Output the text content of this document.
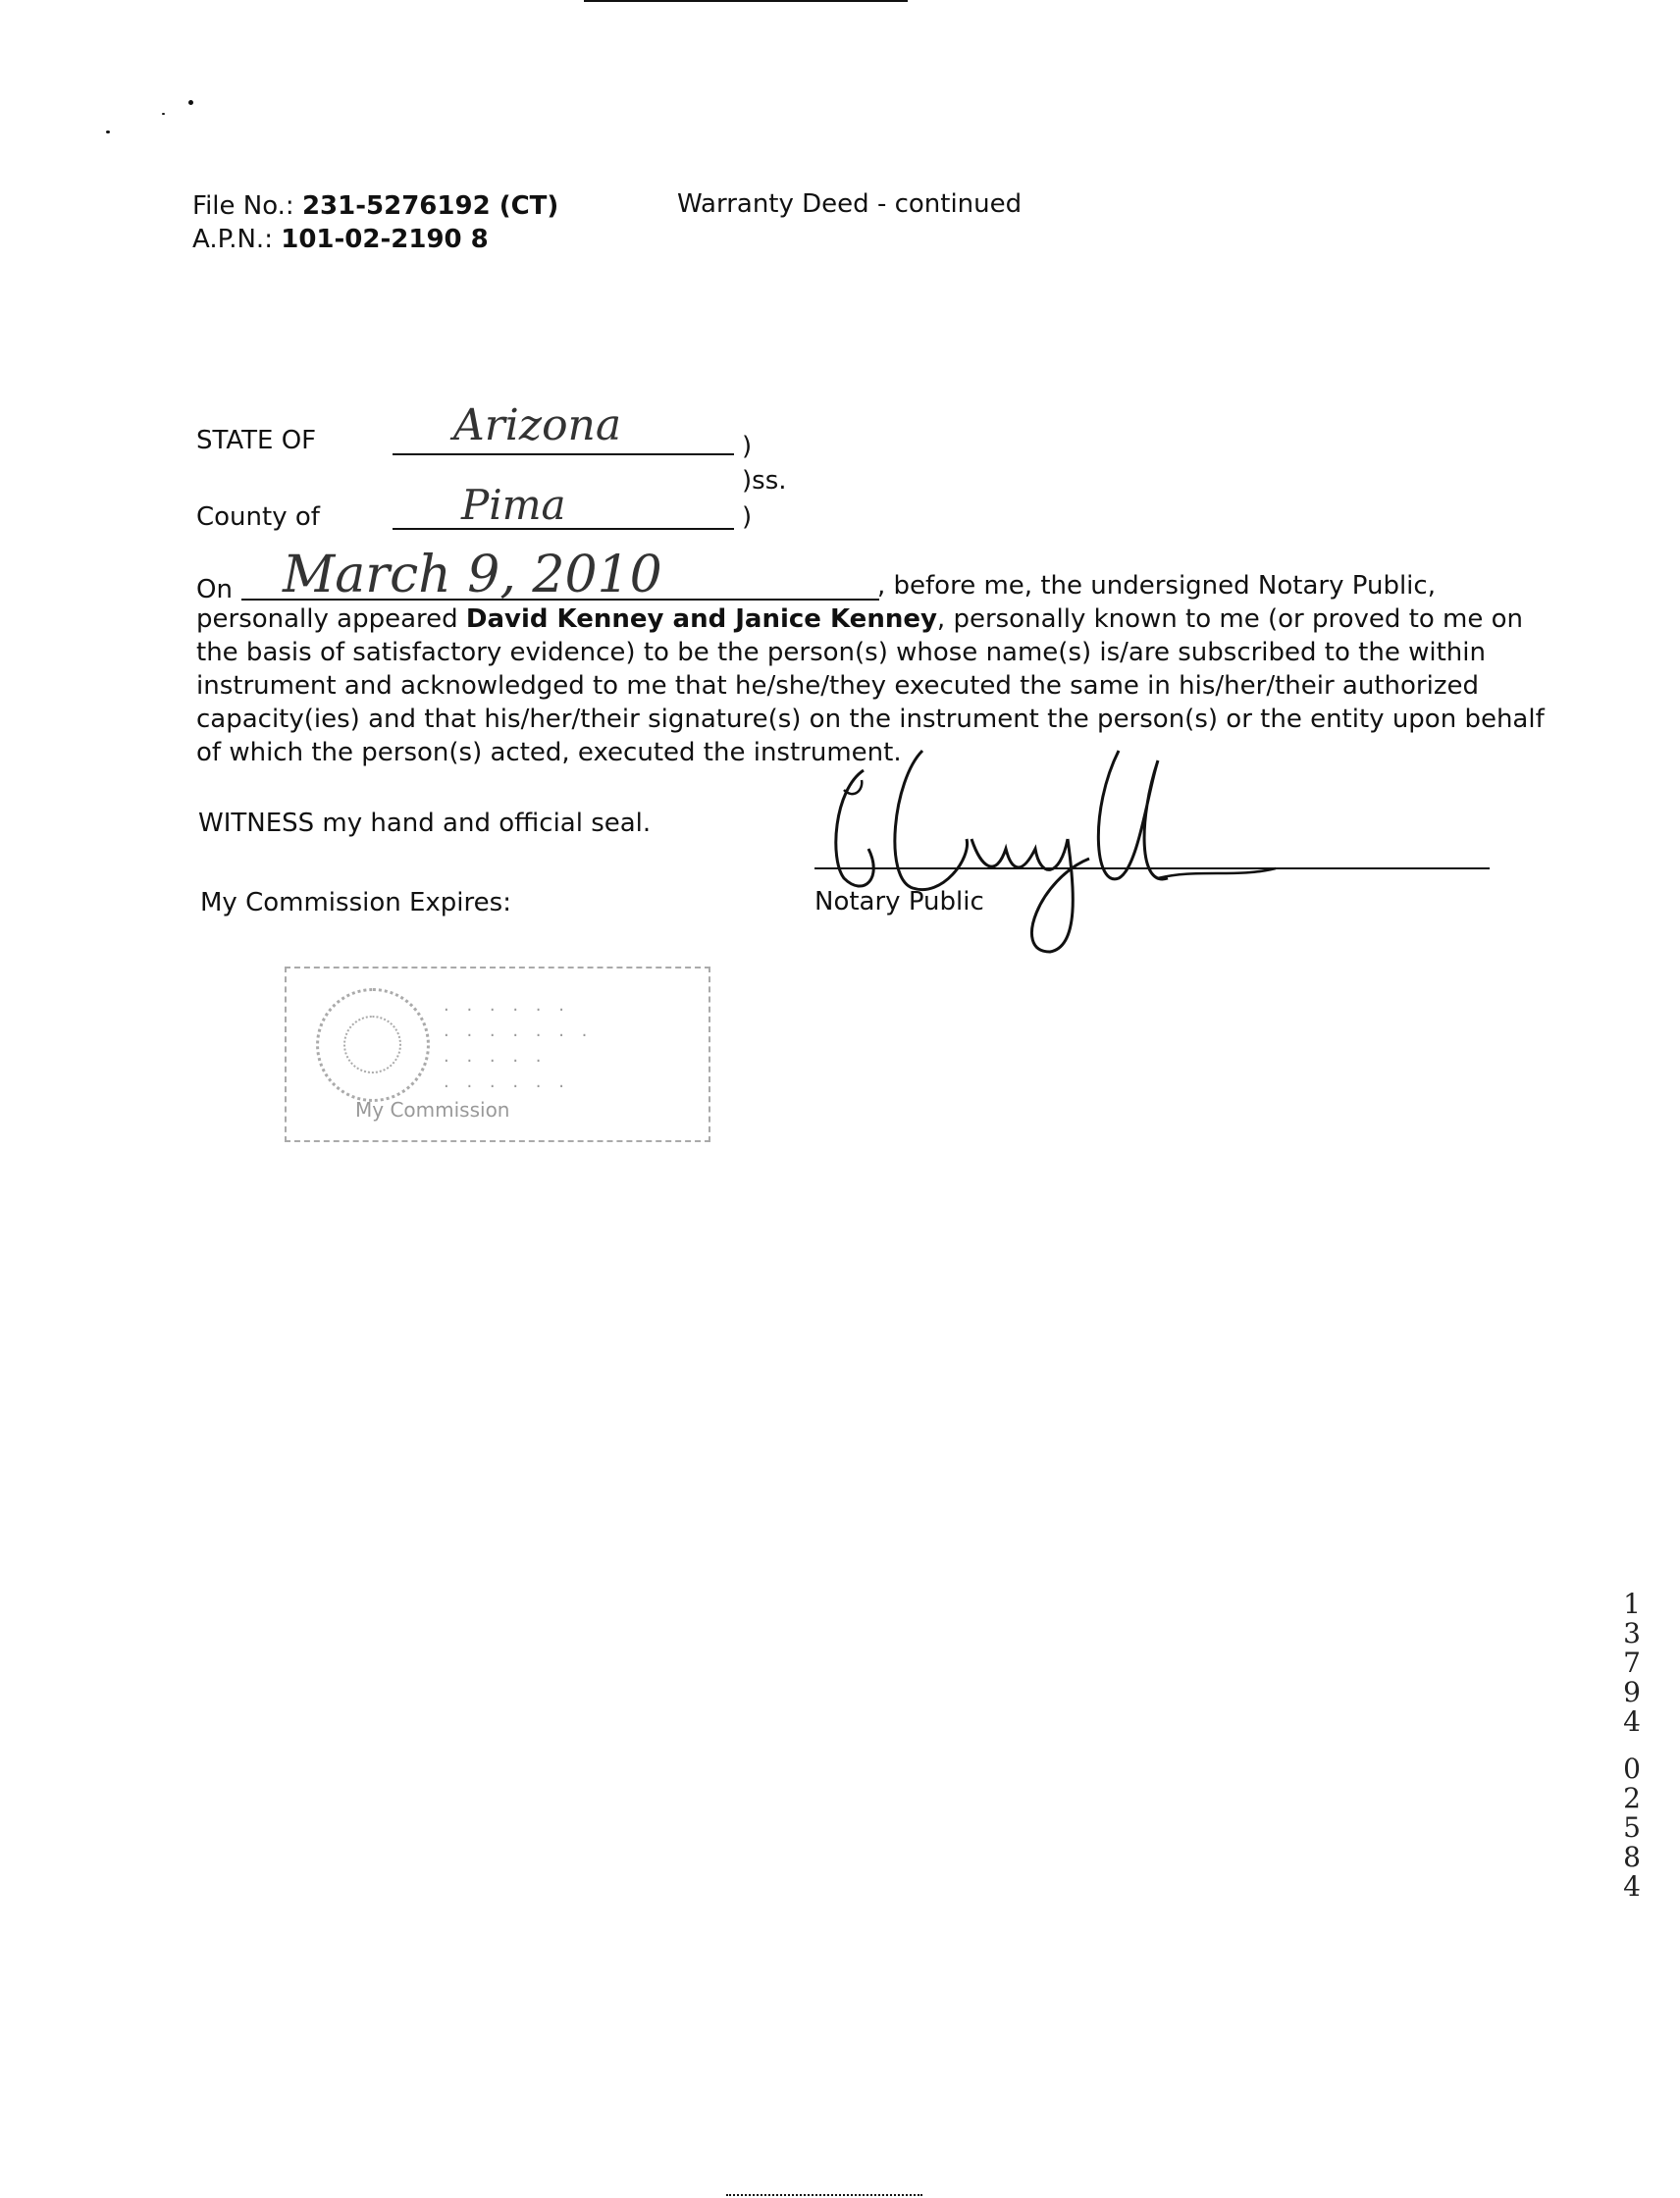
File No.: 231-5276192 (CT)
A.P.N.: 101-02-2190 8
Warranty Deed - continued
STATE OF	Arizona	)
)ss.
County of	Pima	)
On March 9, 2010	, before me, the undersigned Notary Public,
personally appeared David Kenney and Janice Kenney, personally known to me (or proved to me on
the basis of satisfactory evidence) to be the person(s) whose name(s) is/are subscribed to the within
instrument and acknowledged to me that he/she/they executed the same in his/her/their authorized
capacity(ies) and that his/her/their signature(s) on the instrument the person(s) or the entity upon behalf
of which the person(s) acted, executed the instrument.
WITNESS my hand and official seal.
My Commission Expires:	Notary Public
· · · · · ·
· · · · · · ·
· · · · ·
· · · · · ·
My Commission
1
3
7
9
4
0
2
5
8
4
